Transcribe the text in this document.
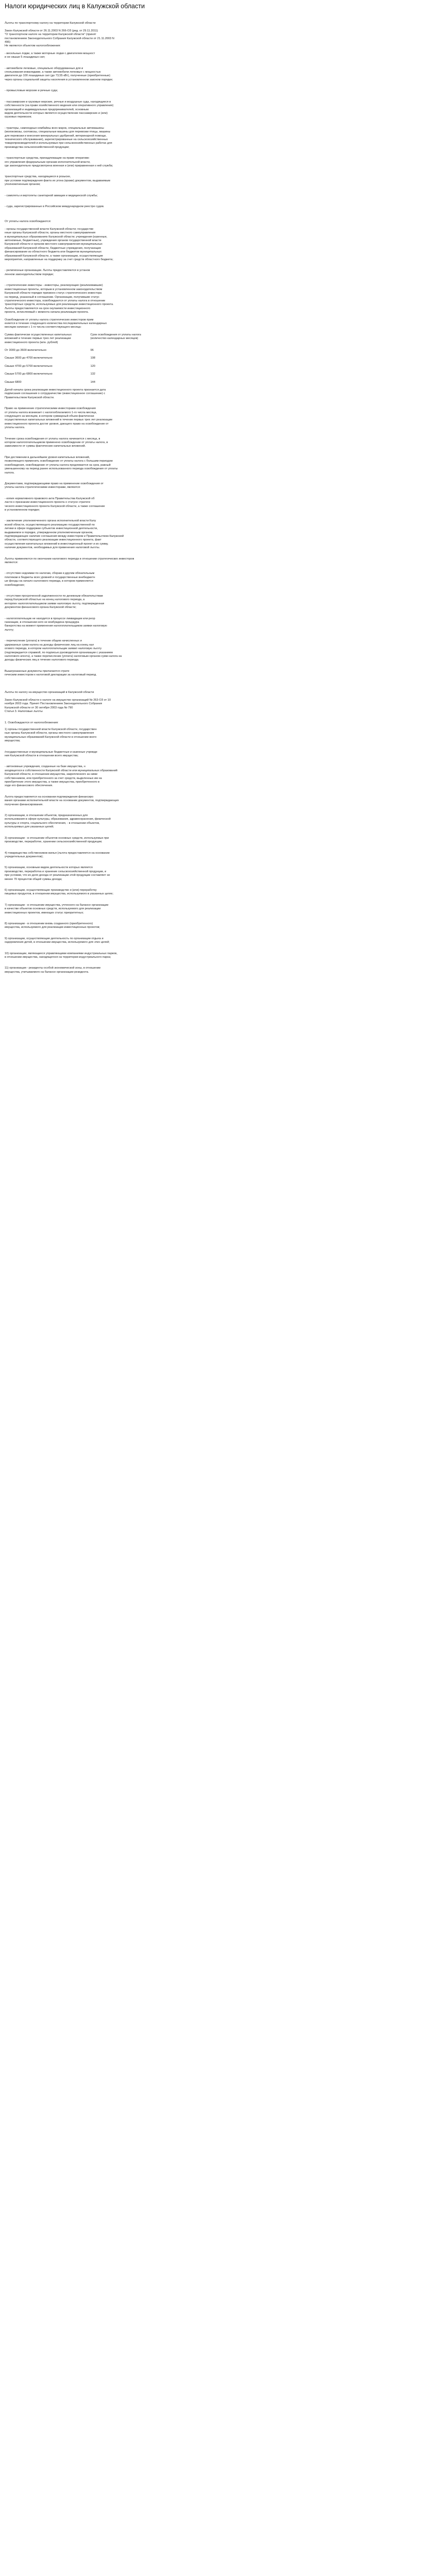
Налоги юридических лиц в Калужской области
Льготы по транспортному налогу на территории Калужской области

Закон Калужской области от 26.11.2003 N 266-ОЗ (ред. от 29.11.2011)
"О транспортном налоге на территории Калужской области" (принят
постановлением Законодательного Собрания Калужской области от 21.11.2003 N
496)
Не являются объектом налогообложения:
- весельные лодки, а также моторные лодки с двигателем мощност
и не свыше 5 лошадиных сил;
- автомобили легковые, специально оборудованные для и
спользования инвалидами, а также автомобили легковые с мощностью
двигателя до 100 лошадиных сил (до 73,55 кВт), полученные (приобретенные)
через органы социальной защиты населения в установленном законом порядке;
- промысловые морские и речные суда;
- пассажирские и грузовые морские, речные и воздушные суда, находящиеся в
собственности (на праве хозяйственного ведения или оперативного управления)
организаций и индивидуальных предпринимателей, основным
видом деятельности которых является осуществление пассажирских и (или)
грузовых перевозок;
- тракторы, самоходные комбайны всех марок, специальные автомашины
(молоковозы, скотовозы, специальные машины для перевозки птицы, машины
для перевозки и внесения минеральных удобрений, ветеринарной помощи,
технического обслуживания), зарегистрированные на сельскохозяйственных
товаропроизводителей и используемые при сельскохозяйственных работах для
производства сельскохозяйственной продукции;
- транспортные средства, принадлежащие на праве оперативн
ого управления федеральным органам исполнительной власти,
где законодательно предусмотрена военная и (или) приравненная к ней служба;
транспортные средства, находящиеся в розыске,
при условии подтверждения факта их угона (кражи) документом, выдаваемым
уполномоченным органом;
- самолеты и вертолеты санитарной авиации и медицинской службы;
- суда, зарегистрированные в Российском международном реестре судов.
От уплаты налога освобождаются:
- органы государственной власти Калужской области; государстве
нные органы Калужской области, органы местного самоуправления
в муниципальных образованиях Калужской области; учреждения (казенные,
автономные, бюджетные), учреждения органов государственной власти
Калужской области и органов местного самоуправления муниципальных
образований Калужской области, бюджетные учреждения, получающие
финансирование из областного бюджета или бюджетов муниципальных
образований Калужской области, а также организации, осуществляющие
мероприятия, направленные на поддержку за счет средств областного бюджета;
- религиозные организации. Льготы предоставляются в установ
ленном законодательством порядке;
- стратегические инвесторы - инвесторы, реализующие (реализовавшие)
инвестиционные проекты, которым в установленном законодательством
Калужской области порядке присвоен статус стратегического инвестора
на период, указанный в соглашении. Организации, получившие статус
стратегического инвестора, освобождаются от уплаты налога в отношении
транспортных средств, используемых для реализации инвестиционного проекта.
Льготы предоставляются на срок окупаемости инвестиционного
проекта, исчисляемый с момента начала реализации проекта.
Освобождение от уплаты налога стратегических инвесторов прим
еняется в течение следующего количества последовательных календарных
месяцев начиная с 1-го числа соответствующего месяца:
Сумма фактически осуществленных капитальных вложений в течение первых трех лет реализации инвестиционного проекта (млн. рублей)	Срок освобождения от уплаты налога (количество календарных месяцев)

От 3000 до 3600 включительно	96

Свыше 3600 до 4700 включительно	108

Свыше 4700 до 5700 включительно	120

Свыше 5700 до 6800 включительно	132

Свыше 6800	144
Датой начала срока реализации инвестиционного проекта признается дата
подписания соглашения о сотрудничестве (инвестиционное соглашение) с
Правительством Калужской области.
Право на применение стратегическими инвесторами освобождения
от уплаты налога возникает с налогооблагаемого 1-го числа месяца,
следующего за месяцем, в котором суммарный объем фактически
осуществленных капитальных вложений в течение первых трех лет реализации
инвестиционного проекта достиг уровня, дающего право на освобождение от
уплаты налога.
Течение срока освобождения от уплаты налога начинается с месяца, в
котором налогоплательщиком применено освобождение от уплаты налога, в
зависимости от суммы фактических капитальных вложений.
При достижении в дальнейшем уровня капитальных вложений,
позволяющего применить освобождение от уплаты налога с большим периодом
освобождения, освобождение от уплаты налога продлевается на срок, равный
уменьшенному на период ранее использованного периода освобождения от уплаты
налога.
Документами, подтверждающими право на применение освобождения от
уплаты налога стратегическими инвесторами, являются:
- копия нормативного правового акта Правительства Калужской об
ласти о признании инвестиционного проекта о статусе стратеги
ческого инвестиционного проекта Калужской области, а также соглашение
в установленном порядке;
- заключение уполномоченного органа исполнительной власти Калу
жской области, осуществляющего реализацию государственной по
литики в сфере поддержки субъектов инвестиционной деятельности,
выдаваемое в порядке, утвержденном уполномоченным органом,
подтверждающее наличие соглашения между инвестором и Правительством Калужской
области, соответствующего реализации инвестиционного проекта, факт
осуществления капитальных вложений в инвестиционный проект и их сумму,
наличие документов, необходимых для применения налоговой льготы.
Льготы применяются по окончании налогового периода в отношении стратегических инвесторов
являются:
- отсутствие недоимки по налогам, сборам и другим обязательным
платежам в бюджеты всех уровней и государственные внебюджетн
ые фонды на начало налогового периода, в котором применяется
освобождение;
- отсутствие просроченной задолженности по денежным обязательствам
перед Калужской областью на конец налогового периода, а
инторлен налогоплательщиком заявки налоговую льготу, подтвержденная
документом финансового органа Калужской области;
- налогоплательщик не находится в процессе ликвидации или реор
ганизации, в отношении него не возбуждена процедура
банкротства на момент применения налогоплательщиком заявки налоговую
льготу;
- перечисление (уплата) в течение общем начисленных и
удержанных сумм налога на доходы физических лиц на конец нал
огового периода, в котором налогоплательщик заявил налоговую льготу
(подтверждается справкой, по подписью руководителя организации с указанием
налогового агента), а также перечисление (уплата) налоговым органом сумм налога на
доходы физических лиц в течение налогового периода.
Вышеуказанные документы прилагаются страте
гическим инвестором к налоговой декларации за налоговый период.
Льготы по налогу на имущество организаций в Калужской области
Закон Калужской области о налоге на имущество организаций № 263-ОЗ от 10
ноября 2003 года. Принят Постановлением Законодательного Собрания
Калужской области от 30 октября 2003 года № 790
Статья 3. Налоговые льготы
1. Освобождаются от налогообложения:
1) органы государственной власти Калужской области, государствен
ные органы Калужской области, органы местного самоуправления
муниципальных образований Калужской области в отношении всего
имущества;
/государственные и муниципальные бюджетные и казенные учрежде
ния Калужской области в отношении всего имущества;
- автономные учреждения, созданные на базе имущества, н
аходящегося в собственности Калужской области или муниципальных образований
Калужской области, в отношении имущества, закрепленного за ними
собственником, или приобретенного за счет средств, выделенных им на
приобретение этого имущества, а также имущества, приобретенного в
ходе его финансового обеспечения.
Льгота предоставляется на основании подтверждения финансиро
вания органами исполнительной власти на основании документов, подтверждающих
получение финансирования.
2) организации, в отношении объектов, предназначенных для
использования в сфере культуры, образования, здравоохранения, физической
культуры и спорта, социального обеспечения, - в отношении объектов,
используемых для указанных целей;
3) организации - в отношении объектов основных средств, используемых при
производстве, переработке, хранении сельскохозяйственной продукции;
4) товарищества собственников жилья (льгота предоставляется на основании
учредительных документов);
5) организации, основным видом деятельности которых является
производство, переработка и хранение сельскохозяйственной продукции, и
при условии, что их доля дохода от реализации этой продукции составляет не
менее 70 процентов общей суммы дохода;
6) организации, осуществляющие производство и (или) переработку
пищевых продуктов, в отношении имущества, используемого в указанных целях;
7) организации - в отношении имущества, учтенного на балансе организации
в качестве объектов основных средств, используемого для реализации
инвестиционных проектов, имеющих статус приоритетных;
8) организации - в отношении вновь созданного (приобретенного)
имущества, используемого для реализации инвестиционных проектов;
9) организации, осуществляющие деятельность по организации отдыха и
оздоровления детей, в отношении имущества, используемого для этих целей;
10) организации, являющиеся управляющими компаниями индустриальных парков,
в отношении имущества, находящегося на территории индустриального парка;
11) организации - резиденты особой экономической зоны, в отношении
имущества, учитываемого на балансе организации-резидента.
